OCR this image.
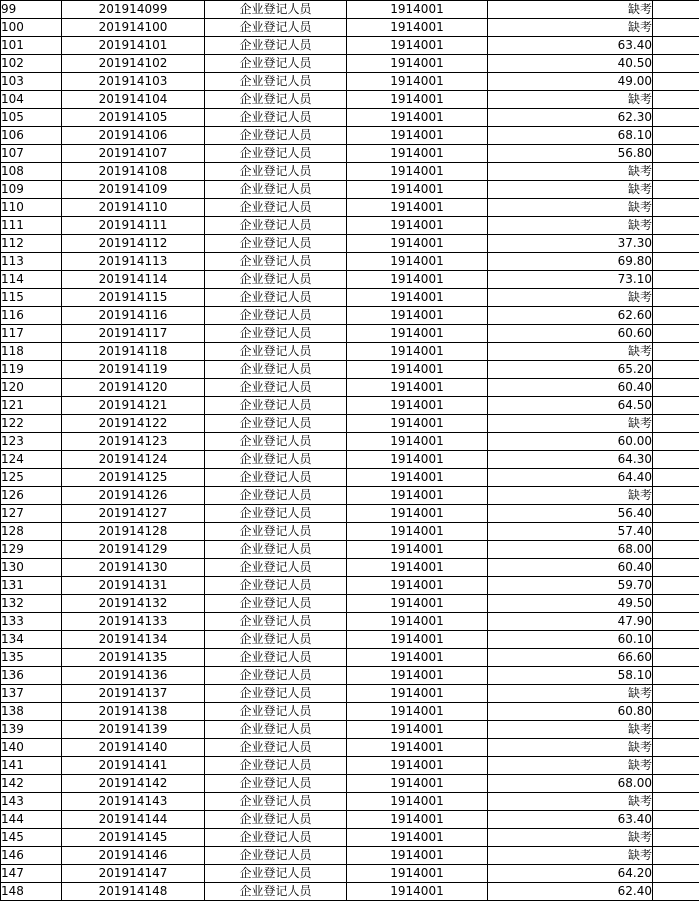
99	201914099	企业登记人员	1914001	缺考	
100	201914100	企业登记人员	1914001	缺考	
101	201914101	企业登记人员	1914001	63.40	
102	201914102	企业登记人员	1914001	40.50	
103	201914103	企业登记人员	1914001	49.00	
104	201914104	企业登记人员	1914001	缺考	
105	201914105	企业登记人员	1914001	62.30	
106	201914106	企业登记人员	1914001	68.10	
107	201914107	企业登记人员	1914001	56.80	
108	201914108	企业登记人员	1914001	缺考	
109	201914109	企业登记人员	1914001	缺考	
110	201914110	企业登记人员	1914001	缺考	
111	201914111	企业登记人员	1914001	缺考	
112	201914112	企业登记人员	1914001	37.30	
113	201914113	企业登记人员	1914001	69.80	
114	201914114	企业登记人员	1914001	73.10	
115	201914115	企业登记人员	1914001	缺考	
116	201914116	企业登记人员	1914001	62.60	
117	201914117	企业登记人员	1914001	60.60	
118	201914118	企业登记人员	1914001	缺考	
119	201914119	企业登记人员	1914001	65.20	
120	201914120	企业登记人员	1914001	60.40	
121	201914121	企业登记人员	1914001	64.50	
122	201914122	企业登记人员	1914001	缺考	
123	201914123	企业登记人员	1914001	60.00	
124	201914124	企业登记人员	1914001	64.30	
125	201914125	企业登记人员	1914001	64.40	
126	201914126	企业登记人员	1914001	缺考	
127	201914127	企业登记人员	1914001	56.40	
128	201914128	企业登记人员	1914001	57.40	
129	201914129	企业登记人员	1914001	68.00	
130	201914130	企业登记人员	1914001	60.40	
131	201914131	企业登记人员	1914001	59.70	
132	201914132	企业登记人员	1914001	49.50	
133	201914133	企业登记人员	1914001	47.90	
134	201914134	企业登记人员	1914001	60.10	
135	201914135	企业登记人员	1914001	66.60	
136	201914136	企业登记人员	1914001	58.10	
137	201914137	企业登记人员	1914001	缺考	
138	201914138	企业登记人员	1914001	60.80	
139	201914139	企业登记人员	1914001	缺考	
140	201914140	企业登记人员	1914001	缺考	
141	201914141	企业登记人员	1914001	缺考	
142	201914142	企业登记人员	1914001	68.00	
143	201914143	企业登记人员	1914001	缺考	
144	201914144	企业登记人员	1914001	63.40	
145	201914145	企业登记人员	1914001	缺考	
146	201914146	企业登记人员	1914001	缺考	
147	201914147	企业登记人员	1914001	64.20	
148	201914148	企业登记人员	1914001	62.40	
